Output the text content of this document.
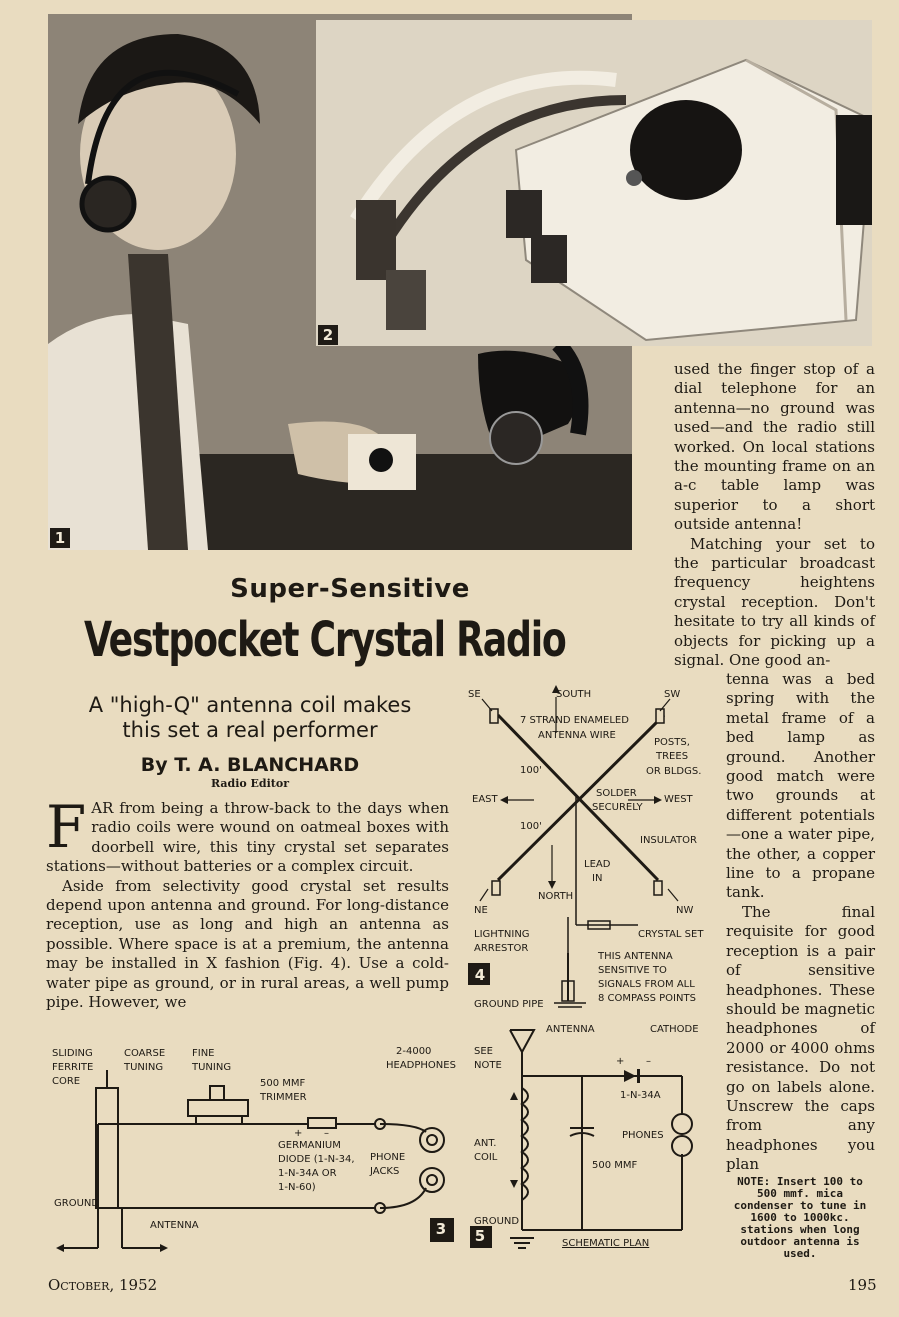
1
2
Super-Sensitive
Vestpocket Crystal Radio
A "high-Q" antenna coil makes
this set a real performer
By T. A. BLANCHARD
Radio Editor

FAR from being a throw-back to the days when radio coils were wound on oatmeal boxes with doorbell wire, this tiny crystal set separates stations—without batteries or a complex circuit.

Aside from selectivity good crystal set results depend upon antenna and ground. For long-distance reception, use as long and high an antenna as possible. Where space is at a premium, the antenna may be installed in X fashion (Fig. 4). Use a cold-water pipe as ground, or in rural areas, a well pump pipe. However, we

used the finger stop of a dial telephone for an antenna—no ground was used—and the radio still worked. On local stations the mounting frame on an a-c table lamp was superior to a short outside antenna!

Matching your set to the particular broadcast frequency heightens crystal reception. Don't hesitate to try all kinds of objects for picking up a signal. One good an-

tenna was a bed spring with the metal frame of a bed lamp as ground. Another good match were two grounds at different potentials —one a water pipe, the other, a copper line to a propane tank.

The final requisite for good reception is a pair of sensitive headphones. These should be magnetic headphones of 2000 or 4000 ohms resistance. Do not go on labels alone. Unscrew the caps from any headphones you plan

NOTE: Insert 100 to 500 mmf. mica condenser to tune in 1600 to 1000kc. stations when long outdoor antenna is used.
SE	SOUTH	SW
7 STRAND ENAMELED
ANTENNA WIRE
POSTS,
TREES
OR BLDGS.
100'
EAST
SOLDER
SECURELY
WEST
100'
INSULATOR
LEAD
IN
NORTH
NE	NW
LIGHTNING
ARRESTOR
CRYSTAL SET
THIS ANTENNA
SENSITIVE TO
SIGNALS FROM ALL
8 COMPASS POINTS
GROUND PIPE
4
SLIDING
FERRITE
CORE
COARSE
TUNING
FINE
TUNING
500 MMF
TRIMMER
2-4000
HEADPHONES
+ –
GERMANIUM
DIODE (1-N-34,
1-N-34A OR
1-N-60)
PHONE
JACKS
GROUND
ANTENNA	3
ANTENNA	CATHODE
SEE
NOTE	+ –
1-N-34A
PHONES
ANT.
COIL
500 MMF
GROUND
SCHEMATIC PLAN
5
October, 1952	195
